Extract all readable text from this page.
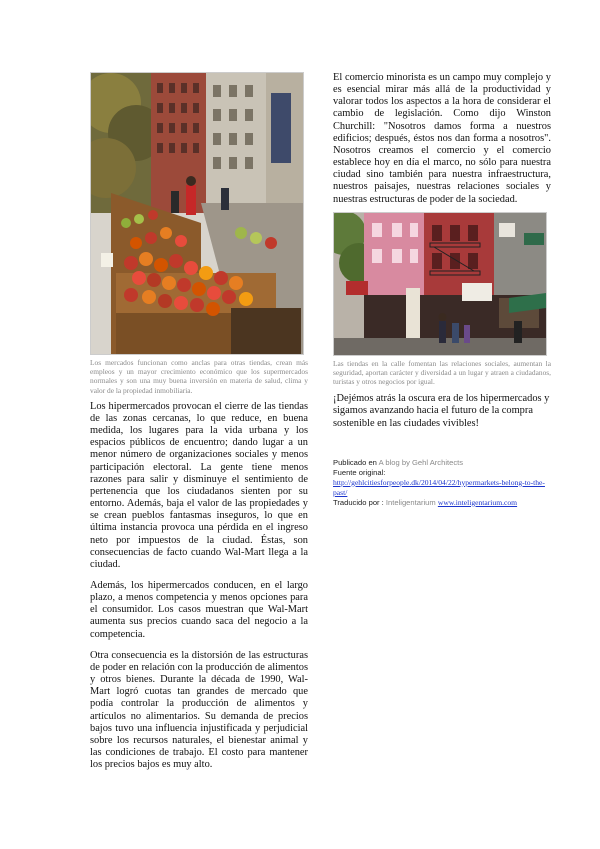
Los mercados funcionan como anclas para otras tiendas, crean más empleos y un mayor crecimiento económico que los supermercados normales y son una muy buena inversión en materia de salud, clima y valor de la propiedad inmobiliaria.

Los hipermercados provocan el cierre de las tiendas de las zonas cercanas, lo que reduce, en buena medida, los lugares para la vida urbana y los espacios públicos de encuentro; dando lugar a un menor número de organizaciones sociales y menos participación electoral. La gente tiene menos razones para salir y disminuye el sentimiento de pertenencia que los ciudadanos sienten por su entorno. Además, baja el valor de las propiedades y se crean pueblos fantasmas inseguros, lo que en última instancia provoca una pérdida en el ingreso neto por impuestos de la ciudad. Éstas, son consecuencias de facto cuando Wal-Mart llega a la ciudad.

Además, los hipermercados conducen, en el largo plazo, a menos competencia y menos opciones para el consumidor. Los casos muestran que Wal-Mart aumenta sus precios cuando saca del negocio a la competencia.

Otra consecuencia es la distorsión de las estructuras de poder en relación con la producción de alimentos y otros bienes. Durante la década de 1990, Wal-Mart logró cuotas tan grandes de mercado que podía controlar la producción de alimentos y artículos no alimentarios. Su demanda de precios bajos tuvo una influencia injustificada y perjudicial sobre los recursos naturales, el bienestar animal y las condiciones de trabajo. El costo para mantener los precios bajos es muy alto.

El comercio minorista es un campo muy complejo y es esencial mirar más allá de la productividad y valorar todos los aspectos a la hora de considerar el cambio de legislación. Como dijo Winston Churchill: "Nosotros damos forma a nuestros edificios; después, éstos nos dan forma a nosotros". Nosotros creamos el comercio y el comercio establece hoy en día el marco, no sólo para nuestra ciudad sino también para nuestra infraestructura, nuestros paisajes, nuestras relaciones sociales y nuestras estructuras de poder de la sociedad.

Las tiendas en la calle fomentan las relaciones sociales, aumentan la seguridad, aportan carácter y diversidad a un lugar y atraen a ciudadanos, turistas y otros negocios por igual.

¡Dejémos atrás la oscura era de los hipermercados y sigamos avanzando hacia el futuro de la compra sostenible en las ciudades vivibles!

Publicado en A blog by Gehl Architects
Fuente original:
http://gehlcitiesforpeople.dk/2014/04/22/hypermarkets-belong-to-the-past/
Traducido por : Inteligentarium www.inteligentarium.com
